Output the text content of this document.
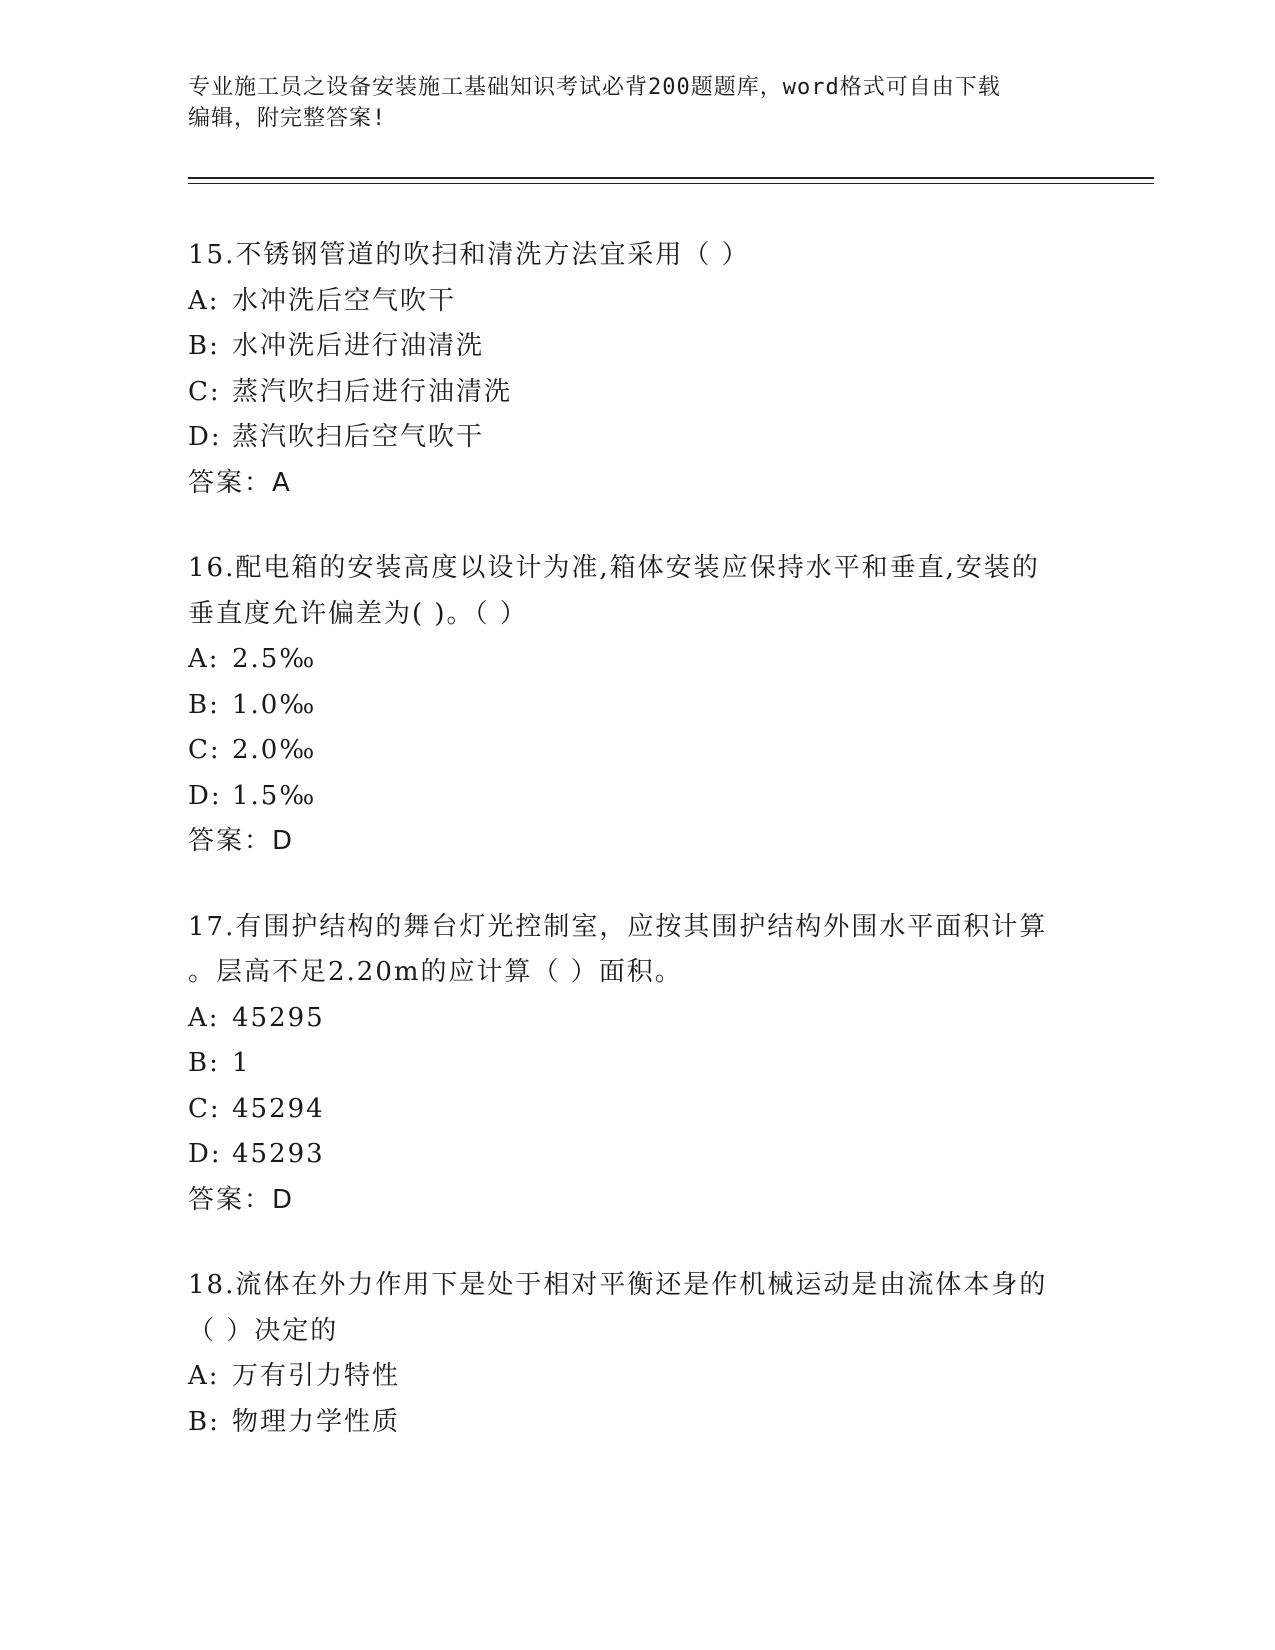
专业施工员之设备安装施工基础知识考试必背200题题库，word格式可自由下载
编辑，附完整答案!
15.不锈钢管道的吹扫和清洗方法宜采用（ ）
A: 水冲洗后空气吹干
B: 水冲洗后进行油清洗
C: 蒸汽吹扫后进行油清洗
D: 蒸汽吹扫后空气吹干
答案：A
16.配电箱的安装高度以设计为准,箱体安装应保持水平和垂直,安装的
垂直度允许偏差为( )。（ ）
A: 2.5‰
B: 1.0‰
C: 2.0‰
D: 1.5‰
答案：D
17.有围护结构的舞台灯光控制室，应按其围护结构外围水平面积计算
。层高不足2.20m的应计算（ ）面积。
A: 45295
B: 1
C: 45294
D: 45293
答案：D
18.流体在外力作用下是处于相对平衡还是作机械运动是由流体本身的
（ ）决定的
A: 万有引力特性
B: 物理力学性质
